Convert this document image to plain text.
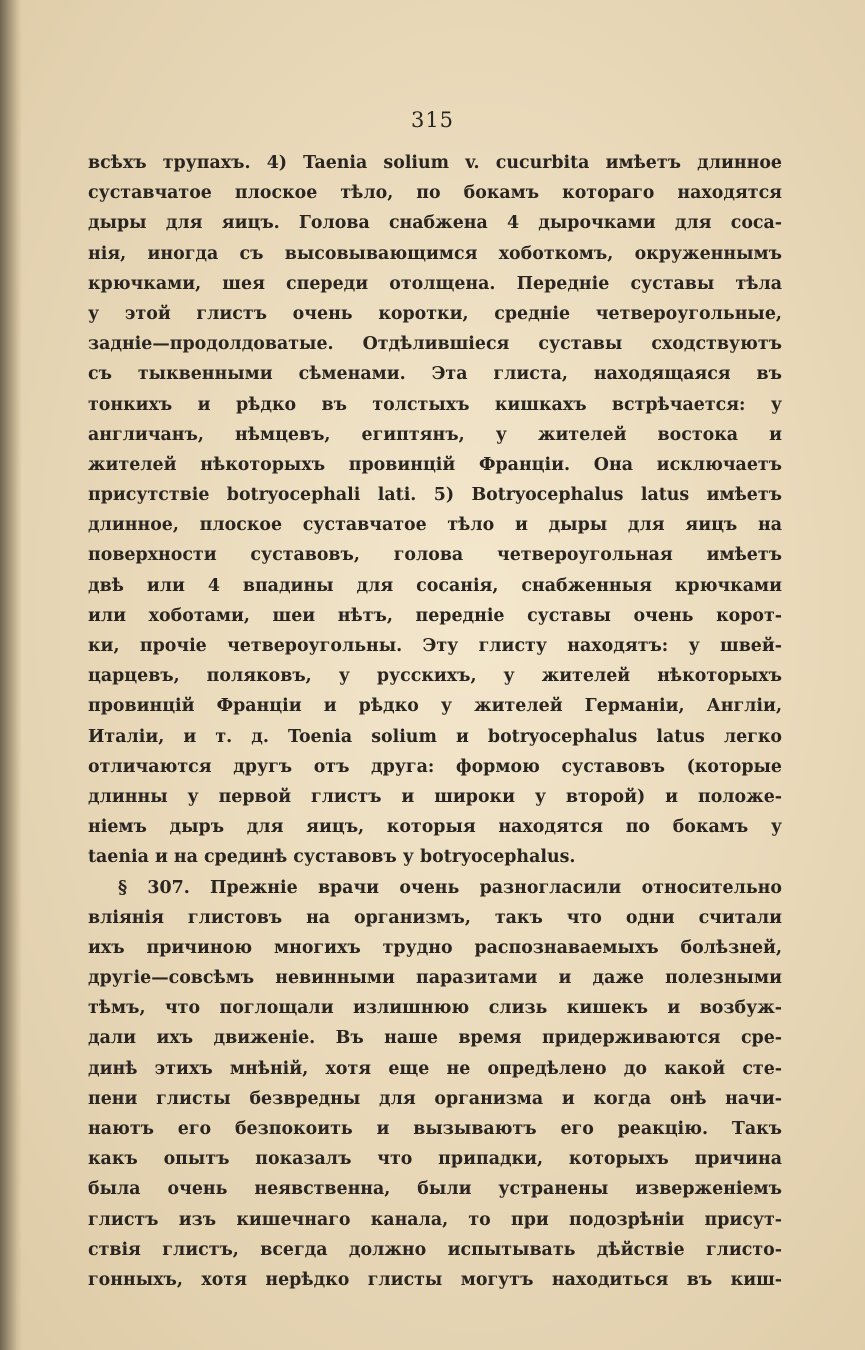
315
всѣхъ трупахъ. 4) Taenia solium v. cucurbita имѣетъ длинное
суставчатое плоское тѣло, по бокамъ котораго находятся
дыры для яицъ. Голова снабжена 4 дырочками для соса-
нія, иногда съ высовывающимся хоботкомъ, окруженнымъ
крючками, шея спереди отолщена. Передніе суставы тѣла
у этой глистъ очень коротки, средніе четвероугольные,
задніе—продолдоватые. Отдѣлившіеся суставы сходствуютъ
съ тыквенными сѣменами. Эта глиста, находящаяся въ
тонкихъ и рѣдко въ толстыхъ кишкахъ встрѣчается: у
англичанъ, нѣмцевъ, египтянъ, у жителей востока и
жителей нѣкоторыхъ провинцій Франціи. Она исключаетъ
присутствіе botryocephali lati. 5) Botryocephalus latus имѣетъ
длинное, плоское суставчатое тѣло и дыры для яицъ на
поверхности суставовъ, голова четвероугольная имѣетъ
двѣ или 4 впадины для сосанія, снабженныя крючками
или хоботами, шеи нѣтъ, передніе суставы очень корот-
ки, прочіе четвероугольны. Эту глисту находятъ: у швей-
царцевъ, поляковъ, у русскихъ, у жителей нѣкоторыхъ
провинцій Франціи и рѣдко у жителей Германіи, Англіи,
Италіи, и т. д. Toenia solium и botryocephalus latus легко
отличаются другъ отъ друга: формою суставовъ (которые
длинны у первой глистъ и широки у второй) и положе-
ніемъ дыръ для яицъ, которыя находятся по бокамъ у
taenia и на срединѣ суставовъ у botryocephalus.
§ 307. Прежніе врачи очень разногласили относительно
вліянія глистовъ на организмъ, такъ что одни считали
ихъ причиною многихъ трудно распознаваемыхъ болѣзней,
другіе—совсѣмъ невинными паразитами и даже полезными
тѣмъ, что поглощали излишнюю слизь кишекъ и возбуж-
дали ихъ движеніе. Въ наше время придерживаются сре-
динѣ этихъ мнѣній, хотя еще не опредѣлено до какой сте-
пени глисты безвредны для организма и когда онѣ начи-
наютъ его безпокоить и вызываютъ его реакцію. Такъ
какъ опытъ показалъ что припадки, которыхъ причина
была очень неявственна, были устранены изверженіемъ
глистъ изъ кишечнаго канала, то при подозрѣніи присут-
ствія глистъ, всегда должно испытывать дѣйствіе глисто-
гонныхъ, хотя нерѣдко глисты могутъ находиться въ киш-
